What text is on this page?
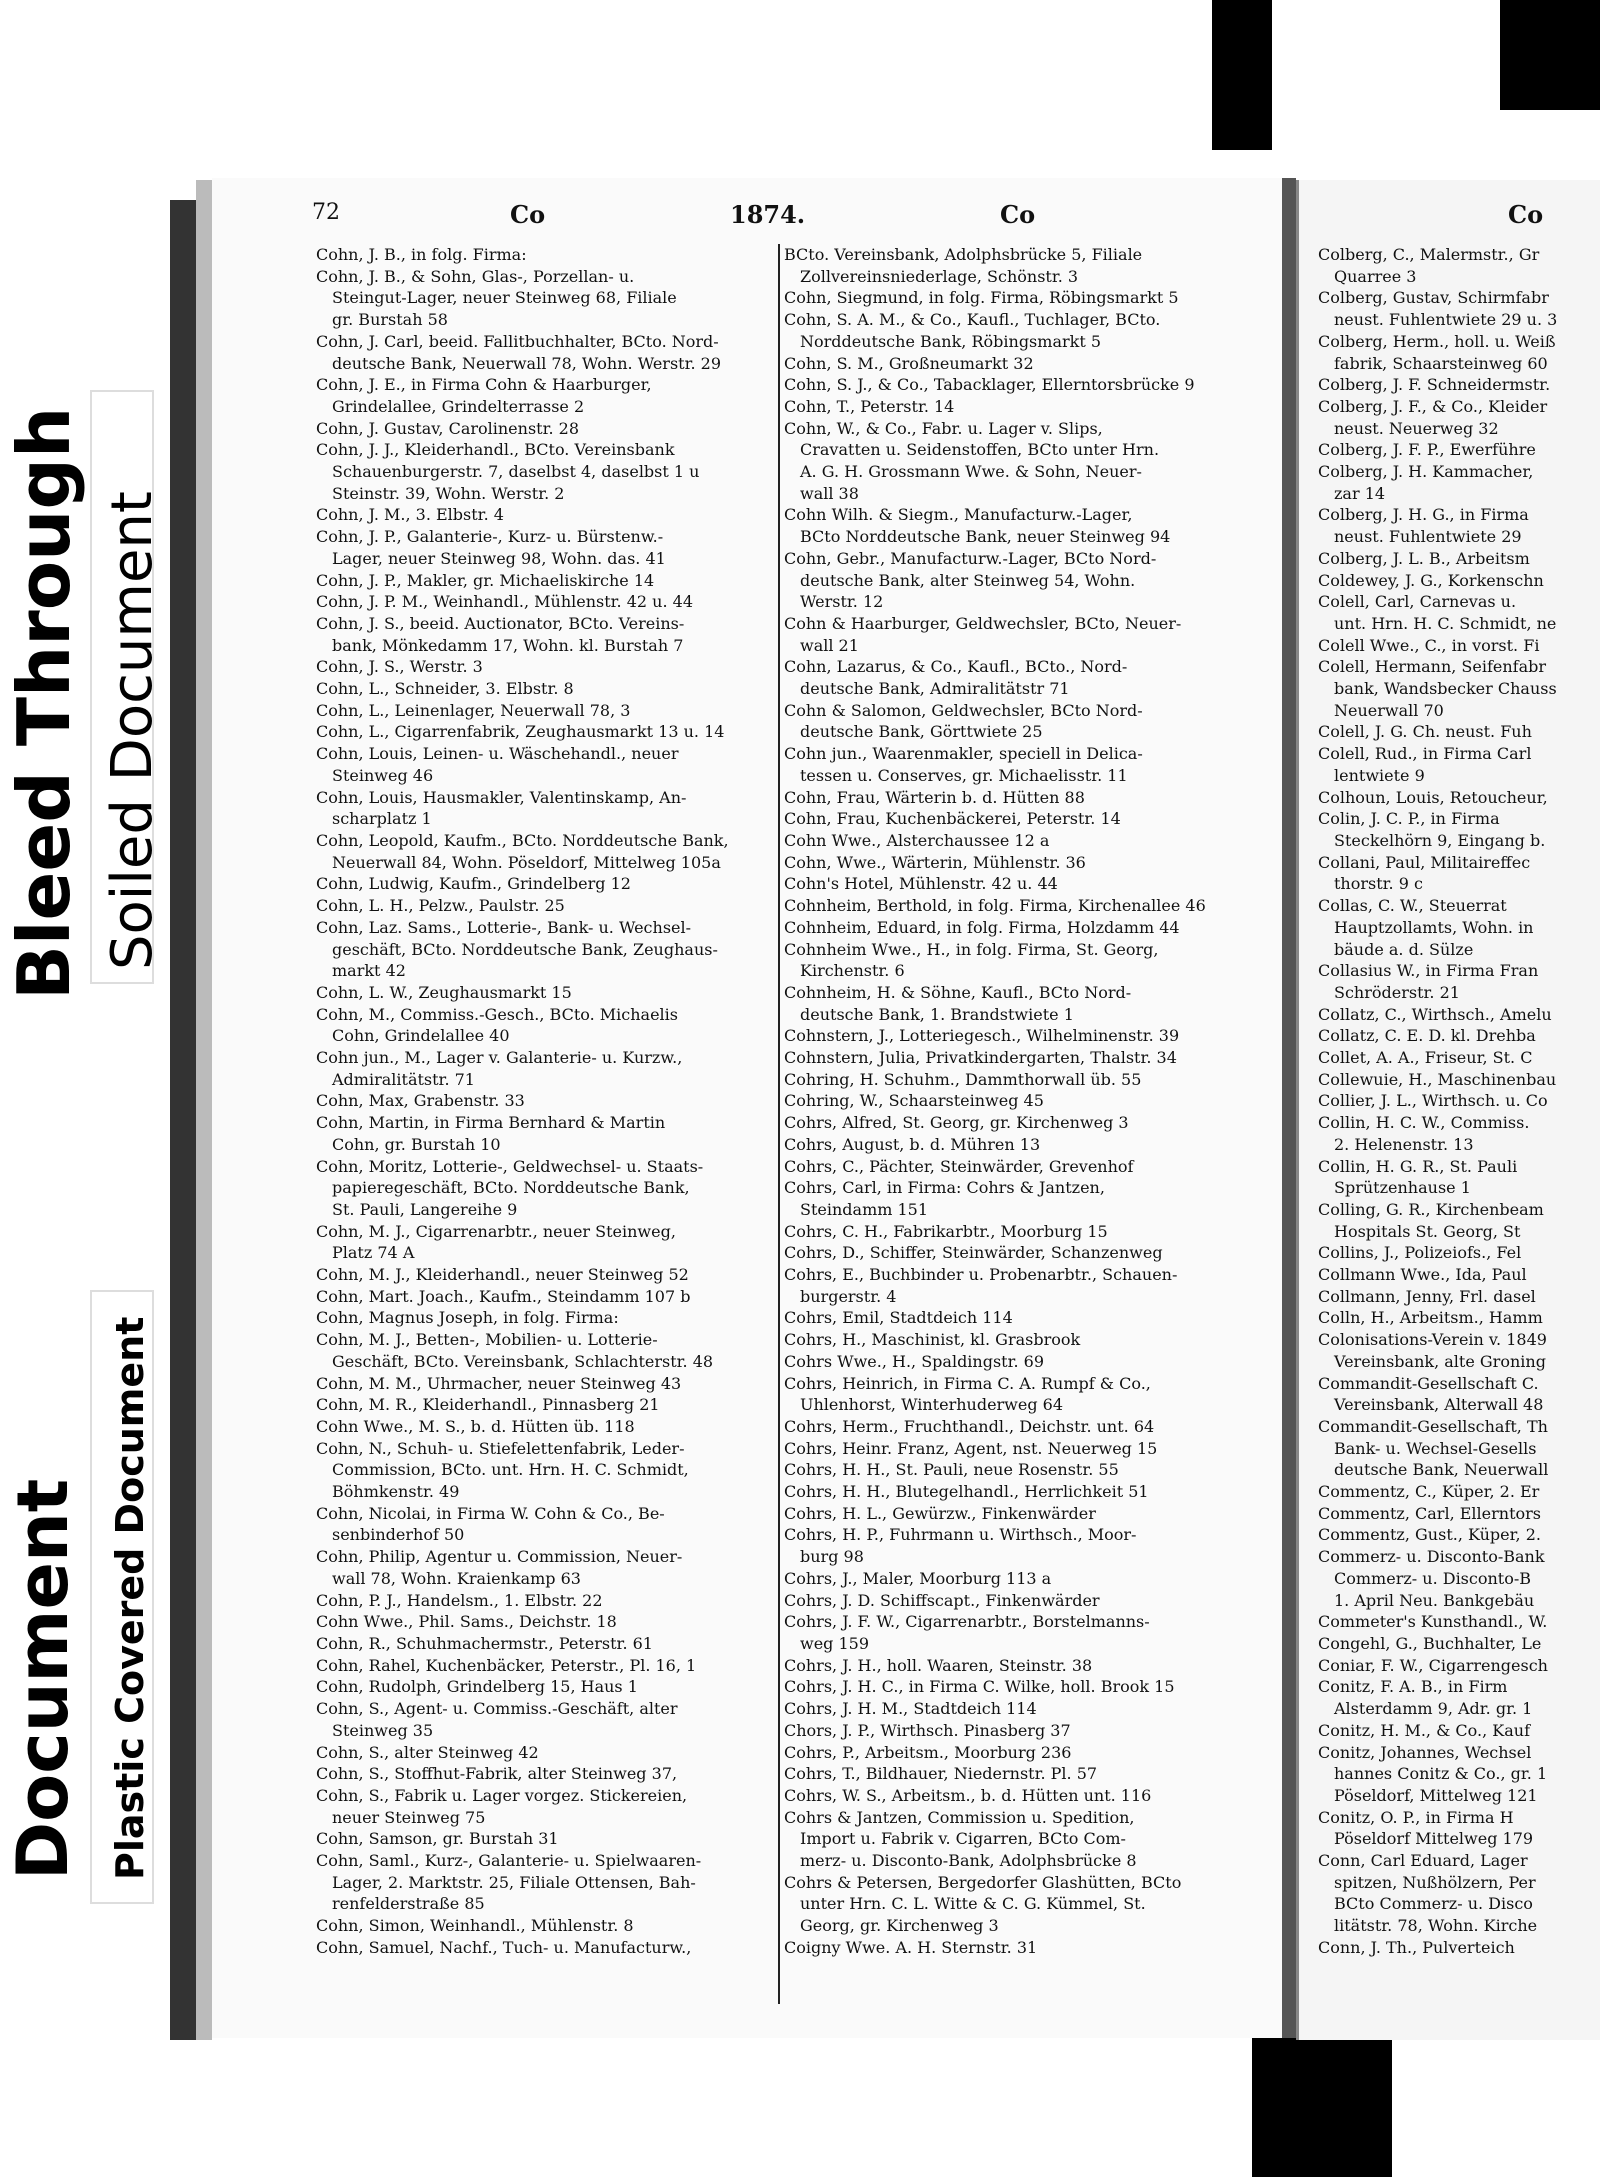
Bleed Through Soiled Document
Document Plastic Covered Document
72	Co	1874.	Co	Co
Cohn, J. B., in folg. Firma:
Cohn, J. B., & Sohn, Glas-, Porzellan- u.
Steingut-Lager, neuer Steinweg 68, Filiale
gr. Burstah 58
Cohn, J. Carl, beeid. Fallitbuchhalter, BCto. Nord-
deutsche Bank, Neuerwall 78, Wohn. Werstr. 29
Cohn, J. E., in Firma Cohn & Haarburger,
Grindelallee, Grindelterrasse 2
Cohn, J. Gustav, Carolinenstr. 28
Cohn, J. J., Kleiderhandl., BCto. Vereinsbank
Schauenburgerstr. 7, daselbst 4, daselbst 1 u
Steinstr. 39, Wohn. Werstr. 2
Cohn, J. M., 3. Elbstr. 4
Cohn, J. P., Galanterie-, Kurz- u. Bürstenw.-
Lager, neuer Steinweg 98, Wohn. das. 41
Cohn, J. P., Makler, gr. Michaeliskirche 14
Cohn, J. P. M., Weinhandl., Mühlenstr. 42 u. 44
Cohn, J. S., beeid. Auctionator, BCto. Vereins-
bank, Mönkedamm 17, Wohn. kl. Burstah 7
Cohn, J. S., Werstr. 3
Cohn, L., Schneider, 3. Elbstr. 8
Cohn, L., Leinenlager, Neuerwall 78, 3
Cohn, L., Cigarrenfabrik, Zeughausmarkt 13 u. 14
Cohn, Louis, Leinen- u. Wäschehandl., neuer
Steinweg 46
Cohn, Louis, Hausmakler, Valentinskamp, An-
scharplatz 1
Cohn, Leopold, Kaufm., BCto. Norddeutsche Bank,
Neuerwall 84, Wohn. Pöseldorf, Mittelweg 105a
Cohn, Ludwig, Kaufm., Grindelberg 12
Cohn, L. H., Pelzw., Paulstr. 25
Cohn, Laz. Sams., Lotterie-, Bank- u. Wechsel-
geschäft, BCto. Norddeutsche Bank, Zeughaus-
markt 42
Cohn, L. W., Zeughausmarkt 15
Cohn, M., Commiss.-Gesch., BCto. Michaelis
Cohn, Grindelallee 40
Cohn jun., M., Lager v. Galanterie- u. Kurzw.,
Admiralitätstr. 71
Cohn, Max, Grabenstr. 33
Cohn, Martin, in Firma Bernhard & Martin
Cohn, gr. Burstah 10
Cohn, Moritz, Lotterie-, Geldwechsel- u. Staats-
papieregeschäft, BCto. Norddeutsche Bank,
St. Pauli, Langereihe 9
Cohn, M. J., Cigarrenarbtr., neuer Steinweg,
Platz 74 A
Cohn, M. J., Kleiderhandl., neuer Steinweg 52
Cohn, Mart. Joach., Kaufm., Steindamm 107 b
Cohn, Magnus Joseph, in folg. Firma:
Cohn, M. J., Betten-, Mobilien- u. Lotterie-
Geschäft, BCto. Vereinsbank, Schlachterstr. 48
Cohn, M. M., Uhrmacher, neuer Steinweg 43
Cohn, M. R., Kleiderhandl., Pinnasberg 21
Cohn Wwe., M. S., b. d. Hütten üb. 118
Cohn, N., Schuh- u. Stiefelettenfabrik, Leder-
Commission, BCto. unt. Hrn. H. C. Schmidt,
Böhmkenstr. 49
Cohn, Nicolai, in Firma W. Cohn & Co., Be-
senbinderhof 50
Cohn, Philip, Agentur u. Commission, Neuer-
wall 78, Wohn. Kraienkamp 63
Cohn, P. J., Handelsm., 1. Elbstr. 22
Cohn Wwe., Phil. Sams., Deichstr. 18
Cohn, R., Schuhmachermstr., Peterstr. 61
Cohn, Rahel, Kuchenbäcker, Peterstr., Pl. 16, 1
Cohn, Rudolph, Grindelberg 15, Haus 1
Cohn, S., Agent- u. Commiss.-Geschäft, alter
Steinweg 35
Cohn, S., alter Steinweg 42
Cohn, S., Stoffhut-Fabrik, alter Steinweg 37,
Cohn, S., Fabrik u. Lager vorgez. Stickereien,
neuer Steinweg 75
Cohn, Samson, gr. Burstah 31
Cohn, Saml., Kurz-, Galanterie- u. Spielwaaren-
Lager, 2. Marktstr. 25, Filiale Ottensen, Bah-
renfelderstraße 85
Cohn, Simon, Weinhandl., Mühlenstr. 8
Cohn, Samuel, Nachf., Tuch- u. Manufacturw.,
BCto. Vereinsbank, Adolphsbrücke 5, Filiale
Zollvereinsniederlage, Schönstr. 3
Cohn, Siegmund, in folg. Firma, Röbingsmarkt 5
Cohn, S. A. M., & Co., Kaufl., Tuchlager, BCto.
Norddeutsche Bank, Röbingsmarkt 5
Cohn, S. M., Großneumarkt 32
Cohn, S. J., & Co., Tabacklager, Ellerntorsbrücke 9
Cohn, T., Peterstr. 14
Cohn, W., & Co., Fabr. u. Lager v. Slips,
Cravatten u. Seidenstoffen, BCto unter Hrn.
A. G. H. Grossmann Wwe. & Sohn, Neuer-
wall 38
Cohn Wilh. & Siegm., Manufacturw.-Lager,
BCto Norddeutsche Bank, neuer Steinweg 94
Cohn, Gebr., Manufacturw.-Lager, BCto Nord-
deutsche Bank, alter Steinweg 54, Wohn.
Werstr. 12
Cohn & Haarburger, Geldwechsler, BCto, Neuer-
wall 21
Cohn, Lazarus, & Co., Kaufl., BCto., Nord-
deutsche Bank, Admiralitätstr 71
Cohn & Salomon, Geldwechsler, BCto Nord-
deutsche Bank, Görttwiete 25
Cohn jun., Waarenmakler, speciell in Delica-
tessen u. Conserves, gr. Michaelisstr. 11
Cohn, Frau, Wärterin b. d. Hütten 88
Cohn, Frau, Kuchenbäckerei, Peterstr. 14
Cohn Wwe., Alsterchaussee 12 a
Cohn, Wwe., Wärterin, Mühlenstr. 36
Cohn's Hotel, Mühlenstr. 42 u. 44
Cohnheim, Berthold, in folg. Firma, Kirchenallee 46
Cohnheim, Eduard, in folg. Firma, Holzdamm 44
Cohnheim Wwe., H., in folg. Firma, St. Georg,
Kirchenstr. 6
Cohnheim, H. & Söhne, Kaufl., BCto Nord-
deutsche Bank, 1. Brandstwiete 1
Cohnstern, J., Lotteriegesch., Wilhelminenstr. 39
Cohnstern, Julia, Privatkindergarten, Thalstr. 34
Cohring, H. Schuhm., Dammthorwall üb. 55
Cohring, W., Schaarsteinweg 45
Cohrs, Alfred, St. Georg, gr. Kirchenweg 3
Cohrs, August, b. d. Mühren 13
Cohrs, C., Pächter, Steinwärder, Grevenhof
Cohrs, Carl, in Firma: Cohrs & Jantzen,
Steindamm 151
Cohrs, C. H., Fabrikarbtr., Moorburg 15
Cohrs, D., Schiffer, Steinwärder, Schanzenweg
Cohrs, E., Buchbinder u. Probenarbtr., Schauen-
burgerstr. 4
Cohrs, Emil, Stadtdeich 114
Cohrs, H., Maschinist, kl. Grasbrook
Cohrs Wwe., H., Spaldingstr. 69
Cohrs, Heinrich, in Firma C. A. Rumpf & Co.,
Uhlenhorst, Winterhuderweg 64
Cohrs, Herm., Fruchthandl., Deichstr. unt. 64
Cohrs, Heinr. Franz, Agent, nst. Neuerweg 15
Cohrs, H. H., St. Pauli, neue Rosenstr. 55
Cohrs, H. H., Blutegelhandl., Herrlichkeit 51
Cohrs, H. L., Gewürzw., Finkenwärder
Cohrs, H. P., Fuhrmann u. Wirthsch., Moor-
burg 98
Cohrs, J., Maler, Moorburg 113 a
Cohrs, J. D. Schiffscapt., Finkenwärder
Cohrs, J. F. W., Cigarrenarbtr., Borstelmanns-
weg 159
Cohrs, J. H., holl. Waaren, Steinstr. 38
Cohrs, J. H. C., in Firma C. Wilke, holl. Brook 15
Cohrs, J. H. M., Stadtdeich 114
Chors, J. P., Wirthsch. Pinasberg 37
Cohrs, P., Arbeitsm., Moorburg 236
Cohrs, T., Bildhauer, Niedernstr. Pl. 57
Cohrs, W. S., Arbeitsm., b. d. Hütten unt. 116
Cohrs & Jantzen, Commission u. Spedition,
Import u. Fabrik v. Cigarren, BCto Com-
merz- u. Disconto-Bank, Adolphsbrücke 8
Cohrs & Petersen, Bergedorfer Glashütten, BCto
unter Hrn. C. L. Witte & C. G. Kümmel, St.
Georg, gr. Kirchenweg 3
Coigny Wwe. A. H. Sternstr. 31
Colberg, C., Malermstr., Gr
Quarree 3
Colberg, Gustav, Schirmfabr
neust. Fuhlentwiete 29 u. 3
Colberg, Herm., holl. u. Weiß
fabrik, Schaarsteinweg 60
Colberg, J. F. Schneidermstr.
Colberg, J. F., & Co., Kleider
neust. Neuerweg 32
Colberg, J. F. P., Ewerführe
Colberg, J. H. Kammacher,
zar 14
Colberg, J. H. G., in Firma
neust. Fuhlentwiete 29
Colberg, J. L. B., Arbeitsm
Coldewey, J. G., Korkenschn
Colell, Carl, Carnevas u.
unt. Hrn. H. C. Schmidt, ne
Colell Wwe., C., in vorst. Fi
Colell, Hermann, Seifenfabr
bank, Wandsbecker Chauss
Neuerwall 70
Colell, J. G. Ch. neust. Fuh
Colell, Rud., in Firma Carl
lentwiete 9
Colhoun, Louis, Retoucheur,
Colin, J. C. P., in Firma
Steckelhörn 9, Eingang b.
Collani, Paul, Militaireffec
thorstr. 9 c
Collas, C. W., Steuerrat
Hauptzollamts, Wohn. in
bäude a. d. Sülze
Collasius W., in Firma Fran
Schröderstr. 21
Collatz, C., Wirthsch., Amelu
Collatz, C. E. D. kl. Drehba
Collet, A. A., Friseur, St. C
Collewuie, H., Maschinenbau
Collier, J. L., Wirthsch. u. Co
Collin, H. C. W., Commiss.
2. Helenenstr. 13
Collin, H. G. R., St. Pauli
Sprützenhause 1
Colling, G. R., Kirchenbeam
Hospitals St. Georg, St
Collins, J., Polizeiofs., Fel
Collmann Wwe., Ida, Paul
Collmann, Jenny, Frl. dasel
Colln, H., Arbeitsm., Hamm
Colonisations-Verein v. 1849
Vereinsbank, alte Groning
Commandit-Gesellschaft C.
Vereinsbank, Alterwall 48
Commandit-Gesellschaft, Th
Bank- u. Wechsel-Gesells
deutsche Bank, Neuerwall
Commentz, C., Küper, 2. Er
Commentz, Carl, Ellerntors
Commentz, Gust., Küper, 2.
Commerz- u. Disconto-Bank
Commerz- u. Disconto-B
1. April Neu. Bankgebäu
Commeter's Kunsthandl., W.
Congehl, G., Buchhalter, Le
Coniar, F. W., Cigarrengesch
Conitz, F. A. B., in Firm
Alsterdamm 9, Adr. gr. 1
Conitz, H. M., & Co., Kauf
Conitz, Johannes, Wechsel
hannes Conitz & Co., gr. 1
Pöseldorf, Mittelweg 121
Conitz, O. P., in Firma H
Pöseldorf Mittelweg 179
Conn, Carl Eduard, Lager
spitzen, Nußhölzern, Per
BCto Commerz- u. Disco
litätstr. 78, Wohn. Kirche
Conn, J. Th., Pulverteich
